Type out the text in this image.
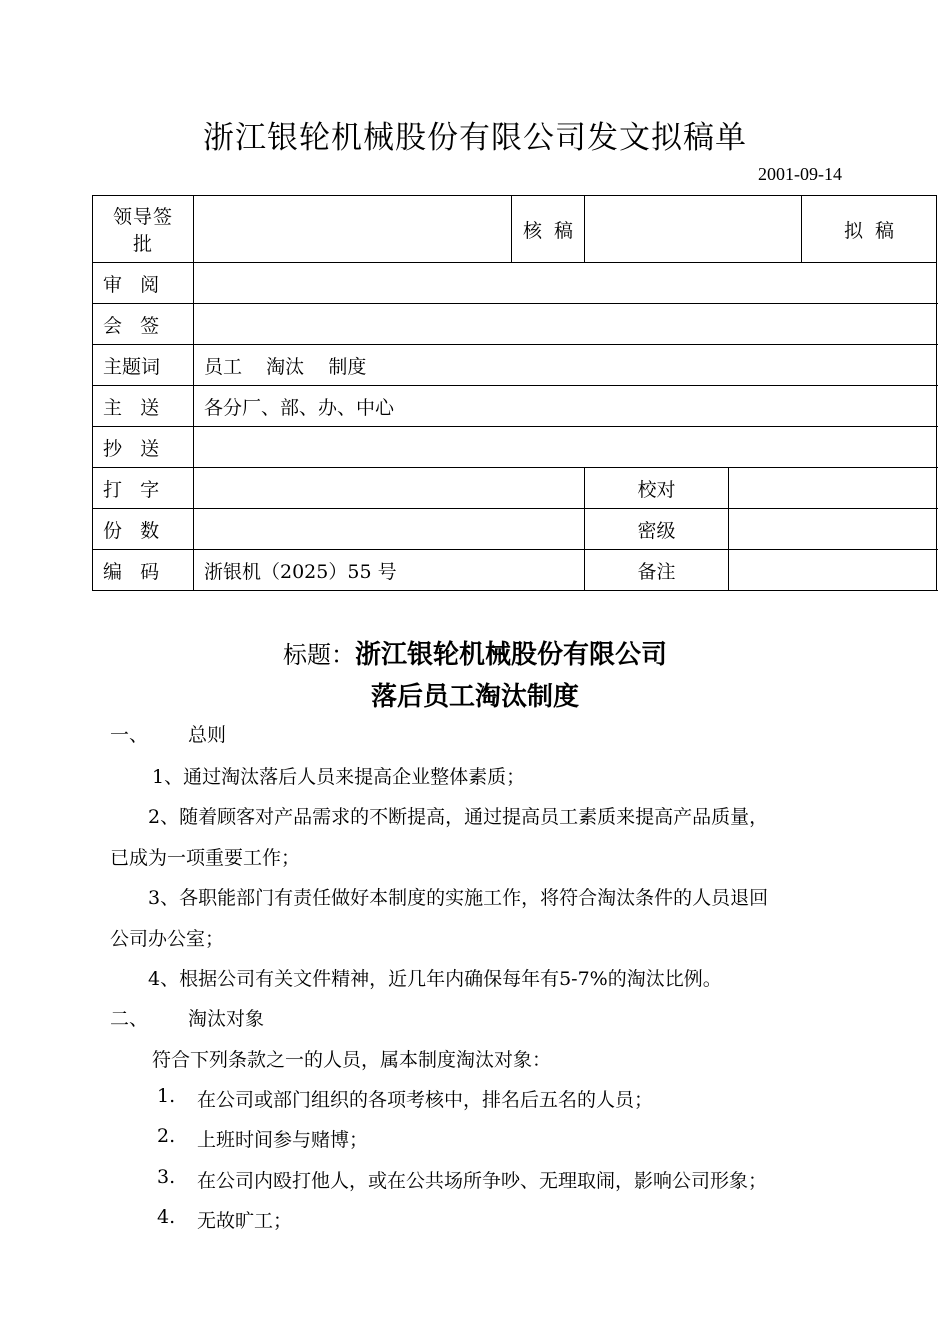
浙江银轮机械股份有限公司发文拟稿单
2001-09-14
领导签
批		核  稿			拟  稿	
审   阅						
会   签						
主题词	员工    淘汰    制度					
主   送	各分厂、部、办、中心					
抄   送						
打   字			校对			
份   数			密级			
编   码	浙银机（2025）55 号		备注			
标题：浙江银轮机械股份有限公司
落后员工淘汰制度
一、 总则
1、通过淘汰落后人员来提高企业整体素质；
2、随着顾客对产品需求的不断提高，通过提高员工素质来提高产品质量，
已成为一项重要工作；
3、各职能部门有责任做好本制度的实施工作，将符合淘汰条件的人员退回
公司办公室；
4、根据公司有关文件精神，近几年内确保每年有5-7%的淘汰比例。
二、 淘汰对象
符合下列条款之一的人员，属本制度淘汰对象：
1. 在公司或部门组织的各项考核中，排名后五名的人员；
2. 上班时间参与赌博；
3. 在公司内殴打他人，或在公共场所争吵、无理取闹，影响公司形象；
4. 无故旷工；
